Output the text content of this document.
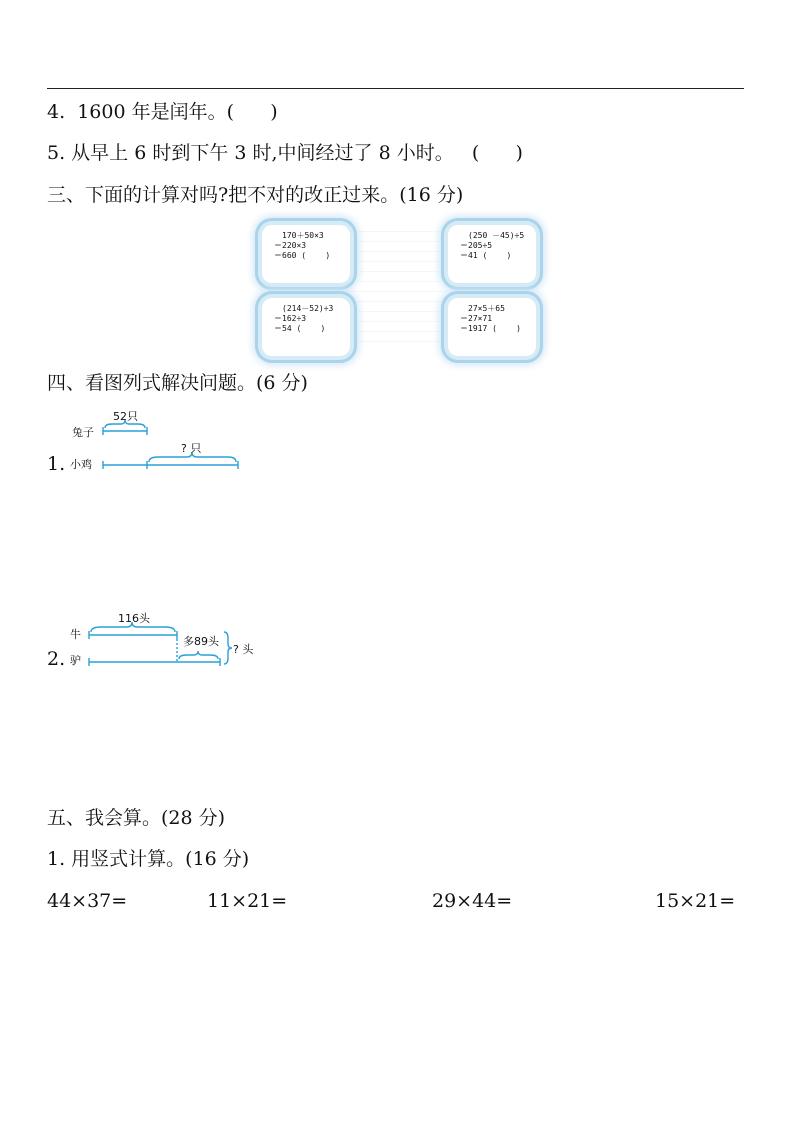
4.  1600 年是闰年。(      )
5. 从早上 6 时到下午 3 时,中间经过了 8 小时。   (      )
三、下面的计算对吗?把不对的改正过来。(16 分)
170＋50×3
＝220×3
＝660 (    )
(250 －45)÷5
＝205÷5
＝41 (    )
(214－52)÷3
＝162÷3
＝54 (    )
27×5＋65
＝27×71
＝1917 (    )
四、看图列式解决问题。(6 分)
52只
兔子
? 只
1. 小鸡
116头
牛
多89头
? 头
2. 驴
五、我会算。(28 分)
1. 用竖式计算。(16 分)
44×37=	11×21=	29×44=	15×21=
